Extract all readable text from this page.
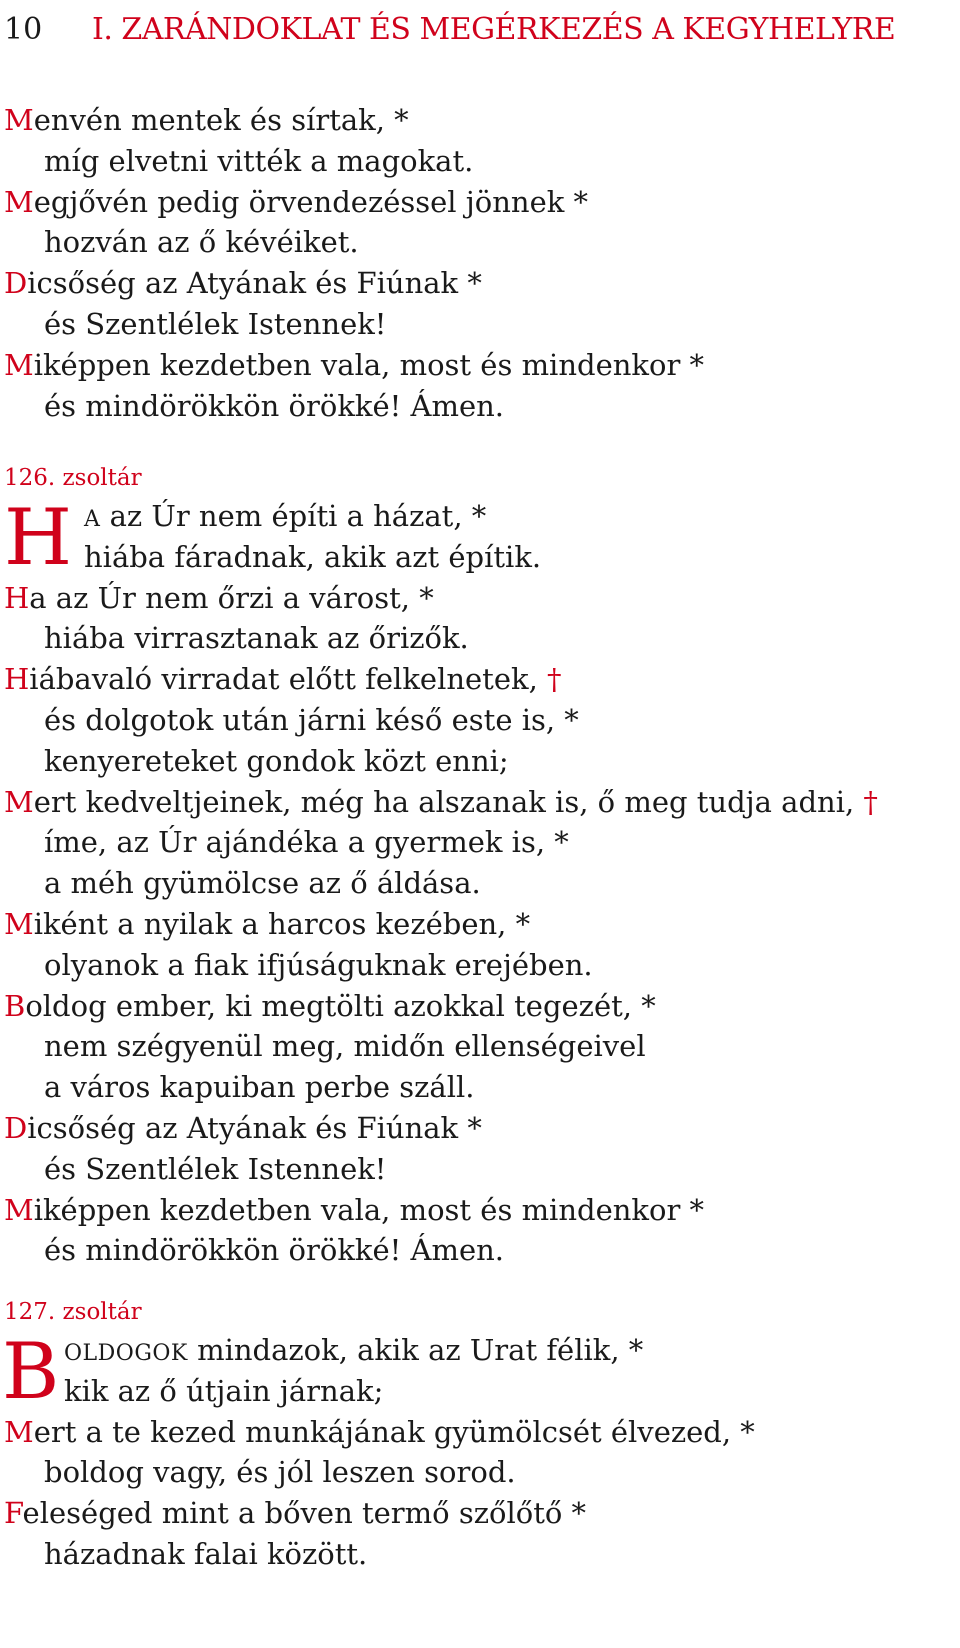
10 I. ZARÁNDOKLAT ÉS MEGÉRKEZÉS A KEGYHELYRE
Menvén mentek és sírtak, *
míg elvetni vitték a magokat.
Megjővén pedig örvendezéssel jönnek *
hozván az ő kévéiket.
Dicsőség az Atyának és Fiúnak *
és Szentlélek Istennek!
Miképpen kezdetben vala, most és mindenkor *
és mindörökkön örökké! Ámen.
126. zsoltár
H A az Úr nem építi a házat, *
hiába fáradnak, akik azt építik.
Ha az Úr nem őrzi a várost, *
hiába virrasztanak az őrizők.
Hiábavaló virradat előtt felkelnetek, †
és dolgotok után járni késő este is, *
kenyereteket gondok közt enni;
Mert kedveltjeinek, még ha alszanak is, ő meg tudja adni, †
íme, az Úr ajándéka a gyermek is, *
a méh gyümölcse az ő áldása.
Miként a nyilak a harcos kezében, *
olyanok a fiak ifjúságuknak erejében.
Boldog ember, ki megtölti azokkal tegezét, *
nem szégyenül meg, midőn ellenségeivel
a város kapuiban perbe száll.
Dicsőség az Atyának és Fiúnak *
és Szentlélek Istennek!
Miképpen kezdetben vala, most és mindenkor *
és mindörökkön örökké! Ámen.
127. zsoltár
B OLDOGOK mindazok, akik az Urat félik, *
kik az ő útjain járnak;
Mert a te kezed munkájának gyümölcsét élvezed, *
boldog vagy, és jól leszen sorod.
Feleséged mint a bőven termő szőlőtő *
házadnak falai között.
